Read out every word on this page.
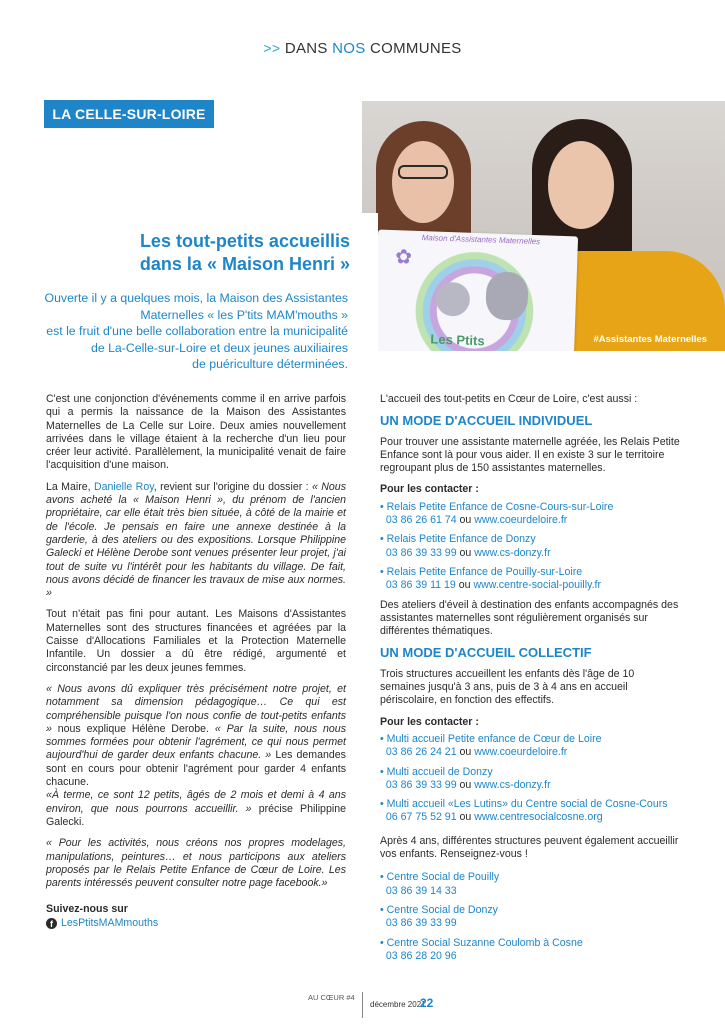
>> DANS NOS COMMUNES
LA CELLE-SUR-LOIRE
✿
Maison d'Assistantes Maternelles
Les Ptits	#Assistantes Maternelles
Les tout-petits accueillis
dans la « Maison Henri »
Ouverte il y a quelques mois, la Maison des Assistantes
Maternelles « les P'tits MAM'mouths »
est le fruit d'une belle collaboration entre la municipalité
de La-Celle-sur-Loire et deux jeunes auxiliaires
de puériculture déterminées.

C'est une conjonction d'événements comme il en arrive parfois qui a permis la naissance de la Maison des Assistantes Maternelles de La Celle sur Loire. Deux amies nouvellement arrivées dans le village étaient à la recherche d'un lieu pour créer leur activité. Parallèlement, la municipalité venait de faire l'acquisition d'une maison.

La Maire, Danielle Roy, revient sur l'origine du dossier : « Nous avons acheté la « Maison Henri », du prénom de l'ancien propriétaire, car elle était très bien située, à côté de la mairie et de l'école. Je pensais en faire une annexe destinée à la garderie, à des ateliers ou des expositions. Lorsque Philippine Galecki et Hélène Derobe sont venues présenter leur projet, j'ai tout de suite vu l'intérêt pour les habitants du village. De fait, nous avons décidé de financer les travaux de mise aux normes. »

Tout n'était pas fini pour autant. Les Maisons d'Assistantes Maternelles sont des structures financées et agréées par la Caisse d'Allocations Familiales et la Protection Maternelle Infantile. Un dossier a dû être rédigé, argumenté et circonstancié par les deux jeunes femmes.

« Nous avons dû expliquer très précisément notre projet, et notamment sa dimension pédagogique… Ce qui est compréhensible puisque l'on nous confie de tout-petits enfants » nous explique Hélène Derobe. « Par la suite, nous nous sommes formées pour obtenir l'agrément, ce qui nous permet aujourd'hui de garder deux enfants chacune. » Les demandes sont en cours pour obtenir l'agrément pour garder 4 enfants chacune.
«À terme, ce sont 12 petits, âgés de 2 mois et demi à 4 ans environ, que nous pourrons accueillir. » précise Philippine Galecki.

« Pour les activités, nous créons nos propres modelages, manipulations, peintures… et nous participons aux ateliers proposés par le Relais Petite Enfance de Cœur de Loire. Les parents intéressés peuvent consulter notre page facebook.»

Suivez-nous sur
f LesPtitsMAMmouths

L'accueil des tout-petits en Cœur de Loire, c'est aussi :

UN MODE D'ACCUEIL INDIVIDUEL

Pour trouver une assistante maternelle agréée, les Relais Petite Enfance sont là pour vous aider. Il en existe 3 sur le territoire regroupant plus de 150 assistantes maternelles.

Pour les contacter :
• Relais Petite Enfance de Cosne-Cours-sur-Loire
03 86 26 61 74 ou www.coeurdeloire.fr
• Relais Petite Enfance de Donzy
03 86 39 33 99 ou www.cs-donzy.fr
• Relais Petite Enfance de Pouilly-sur-Loire
03 86 39 11 19 ou www.centre-social-pouilly.fr

Des ateliers d'éveil à destination des enfants accompagnés des assistantes maternelles sont régulièrement organisés sur différentes thématiques.

UN MODE D'ACCUEIL COLLECTIF

Trois structures accueillent les enfants dès l'âge de 10 semaines jusqu'à 3 ans, puis de 3 à 4 ans en accueil périscolaire, en fonction des effectifs.

Pour les contacter :
• Multi accueil Petite enfance de Cœur de Loire
03 86 26 24 21 ou www.coeurdeloire.fr
• Multi accueil de Donzy
03 86 39 33 99 ou www.cs-donzy.fr
• Multi accueil «Les Lutins» du Centre social de Cosne-Cours
06 67 75 52 91 ou www.centresocialcosne.org

Après 4 ans, différentes structures peuvent également accueillir vos enfants. Renseignez-vous !

• Centre Social de Pouilly
03 86 39 14 33
• Centre Social de Donzy
03 86 39 33 99
• Centre Social Suzanne Coulomb à Cosne
03 86 28 20 96
AU CŒUR #4
décembre 2021
22
